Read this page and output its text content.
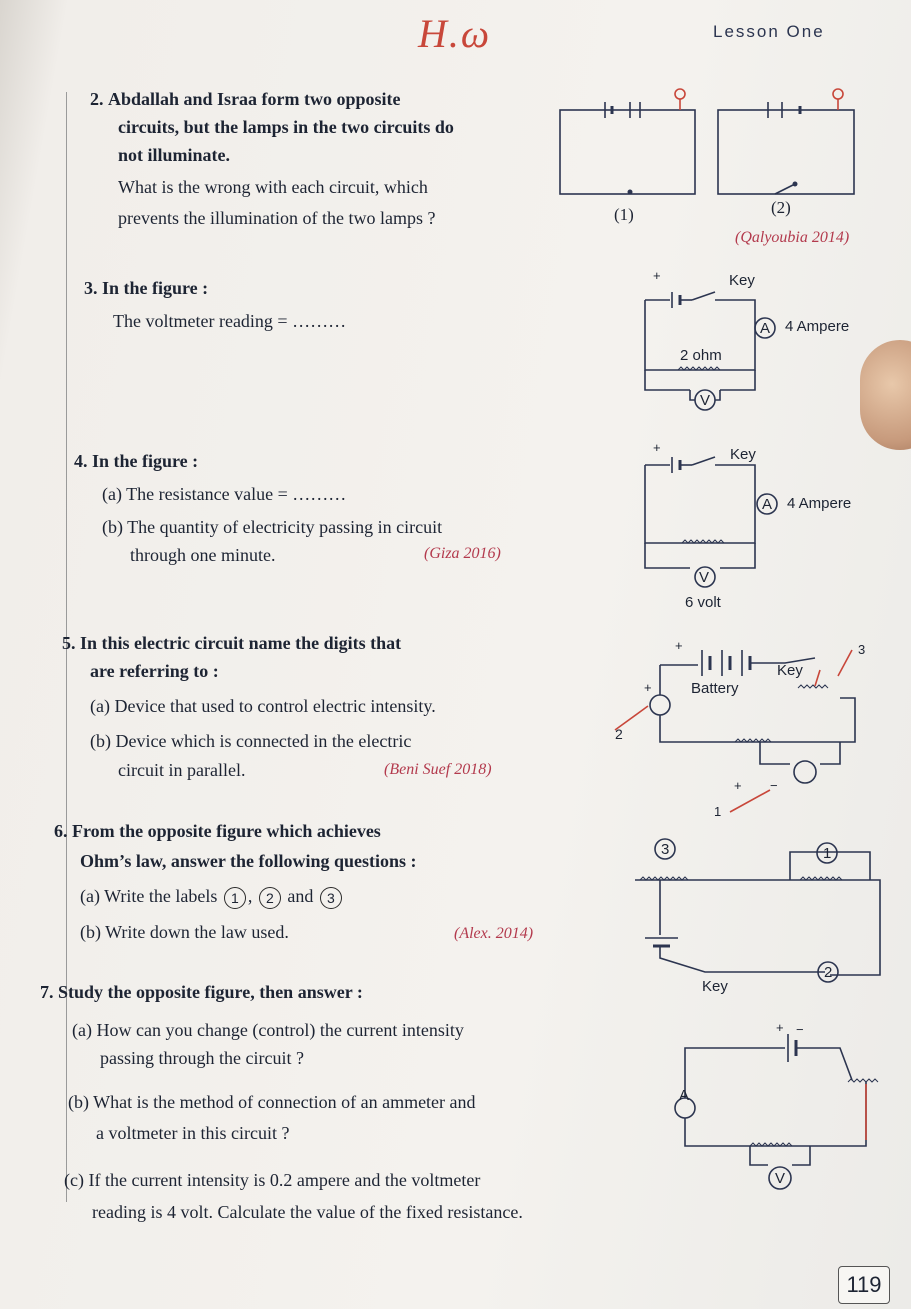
H.ω	Lesson One
2. Abdallah and Israa form two opposite
circuits, but the lamps in the two circuits do
not illuminate.
What is the wrong with each circuit, which
prevents the illumination of the two lamps ?	(1)	(2)
(Qalyoubia 2014)
3. In the figure :
The voltmeter reading = ………
+	Key
A 4 Ampere
2 ohm
V
4. In the figure :
(a) The resistance value = ………
(b) The quantity of electricity passing in circuit
through one minute.	(Giza 2016)
+	Key
A 4 Ampere
V
6 volt
5. In this electric circuit name the digits that
are referring to :
(a) Device that used to control electric intensity.
(b) Device which is connected in the electric
circuit in parallel.	(Beni Suef 2018)
+
+	Battery
Key
3
2
1
+ −
6. From the opposite figure which achieves
Ohm’s law, answer the following questions :
(a) Write the labels 1 , 2 and 3
(b) Write down the law used.	(Alex. 2014)
3	1
2
Key
7. Study the opposite figure, then answer :
(a) How can you change (control) the current intensity
passing through the circuit ?
(b) What is the method of connection of an ammeter and
a voltmeter in this circuit ?
(c) If the current intensity is 0.2 ampere and the voltmeter
reading is 4 volt. Calculate the value of the fixed resistance.
A
V
+ −
119
